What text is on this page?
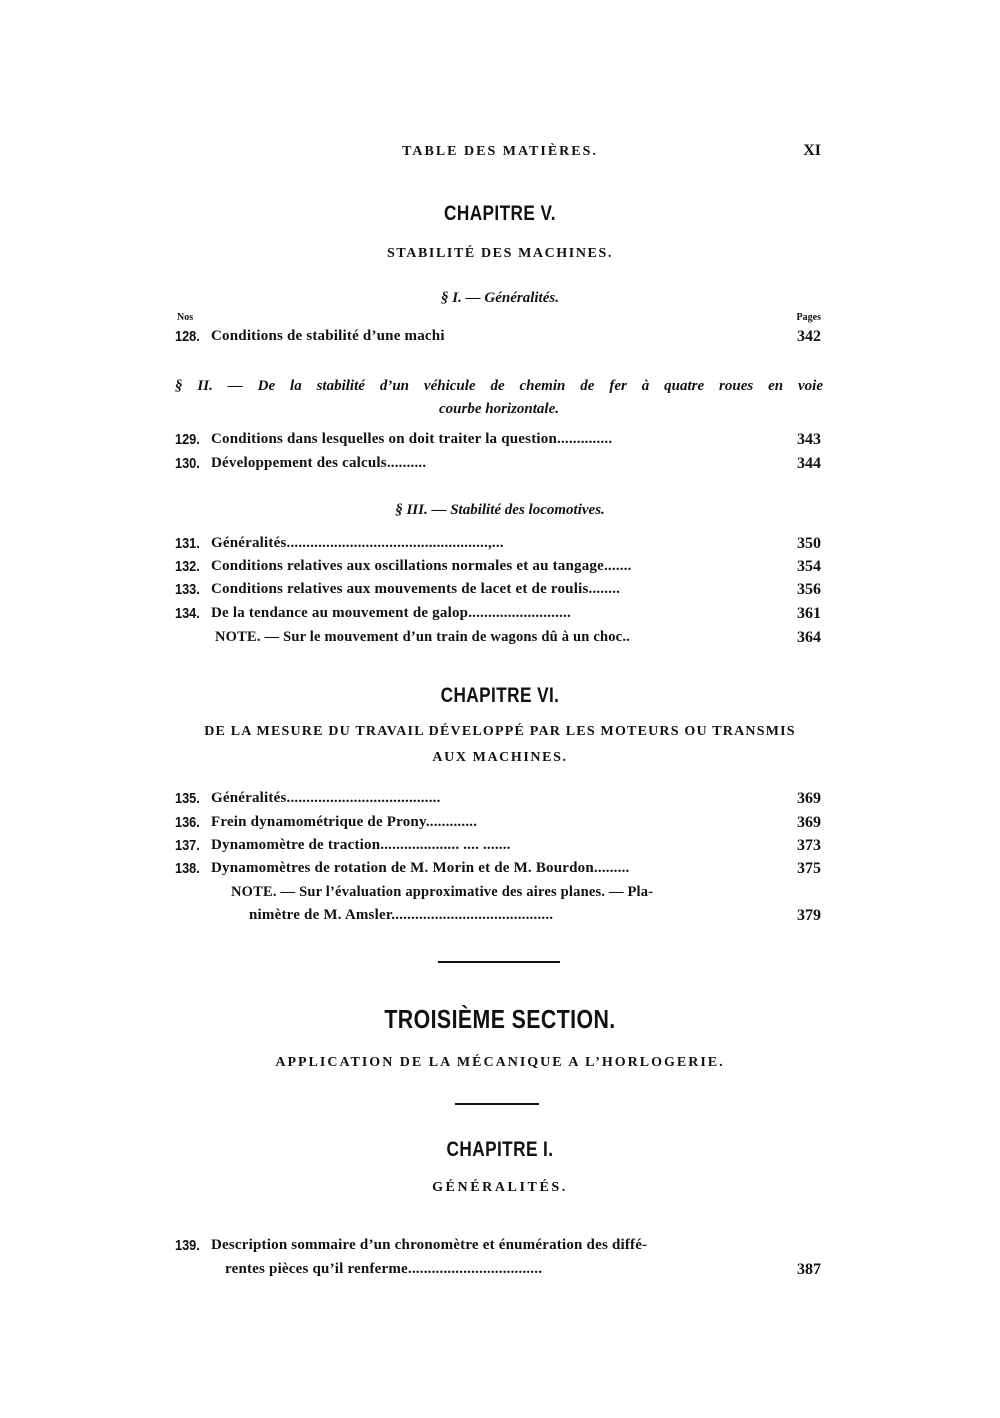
TABLE DES MATIÈRES.	XI
CHAPITRE V.
STABILITÉ DES MACHINES.
§ I. — Généralités.
Nos	Pages
128. Conditions de stabilité d’une machi	342
§ II. — De la stabilité d’un véhicule de chemin de fer à quatre roues en voie
courbe horizontale.
129. Conditions dans lesquelles on doit traiter la question..............	343
130. Développement des calculs..........	344
§ III. — Stabilité des locomotives.
131. Généralités...................................................,...	350
132. Conditions relatives aux oscillations normales et au tangage.......	354
133. Conditions relatives aux mouvements de lacet et de roulis........	356
134. De la tendance au mouvement de galop..........................	361
NOTE. — Sur le mouvement d’un train de wagons dû à un choc..	364
CHAPITRE VI.
DE LA MESURE DU TRAVAIL DÉVELOPPÉ PAR LES MOTEURS OU TRANSMIS
AUX MACHINES.
135. Généralités.......................................	369
136. Frein dynamométrique de Prony.............	369
137. Dynamomètre de traction.................... .... .......	373
138. Dynamomètres de rotation de M. Morin et de M. Bourdon.........	375
NOTE. — Sur l’évaluation approximative des aires planes. — Pla-
nimètre de M. Amsler.........................................	379
TROISIÈME SECTION.
APPLICATION DE LA MÉCANIQUE A L’HORLOGERIE.
CHAPITRE I.
GÉNÉRALITÉS.
139. Description sommaire d’un chronomètre et énumération des diffé-
rentes pièces qu’il renferme..................................	387
